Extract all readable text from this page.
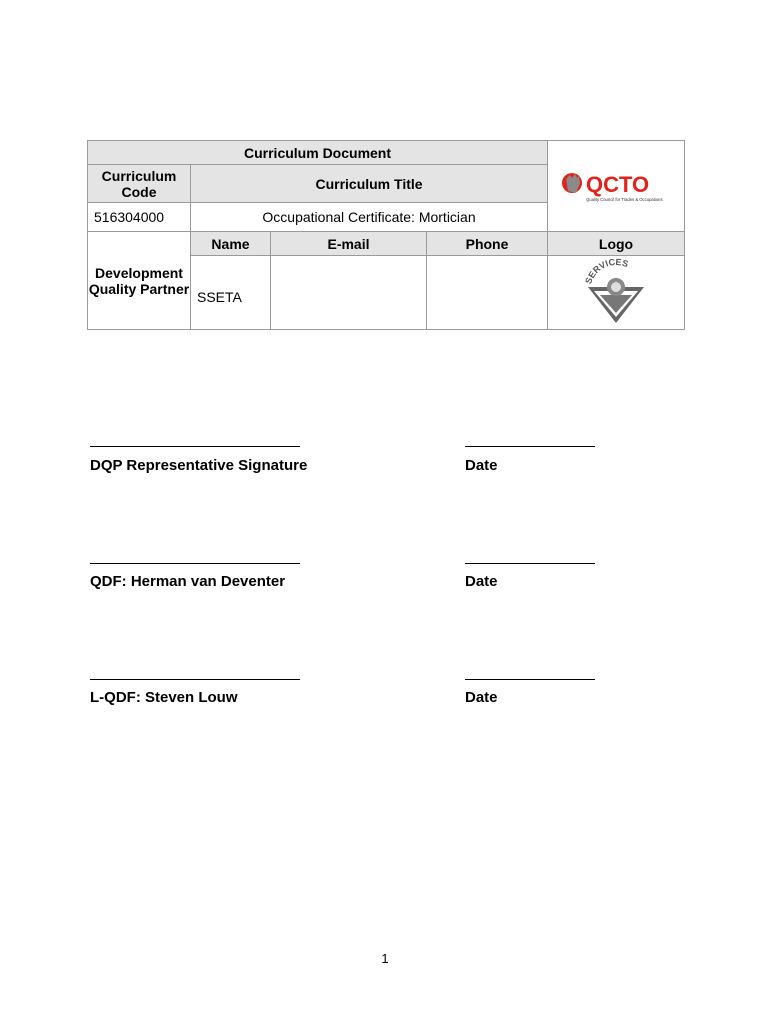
Curriculum Document				QCTO
Quality Council for Trades & Occupations

Curriculum Code	Curriculum Title			
516304000	Occupational Certificate: Mortician			
Development Quality Partner	Name	E-mail	Phone	Logo
	SSETA			SERVICES
DQP Representative Signature	Date
QDF: Herman van Deventer	Date
L-QDF: Steven Louw	Date
1
